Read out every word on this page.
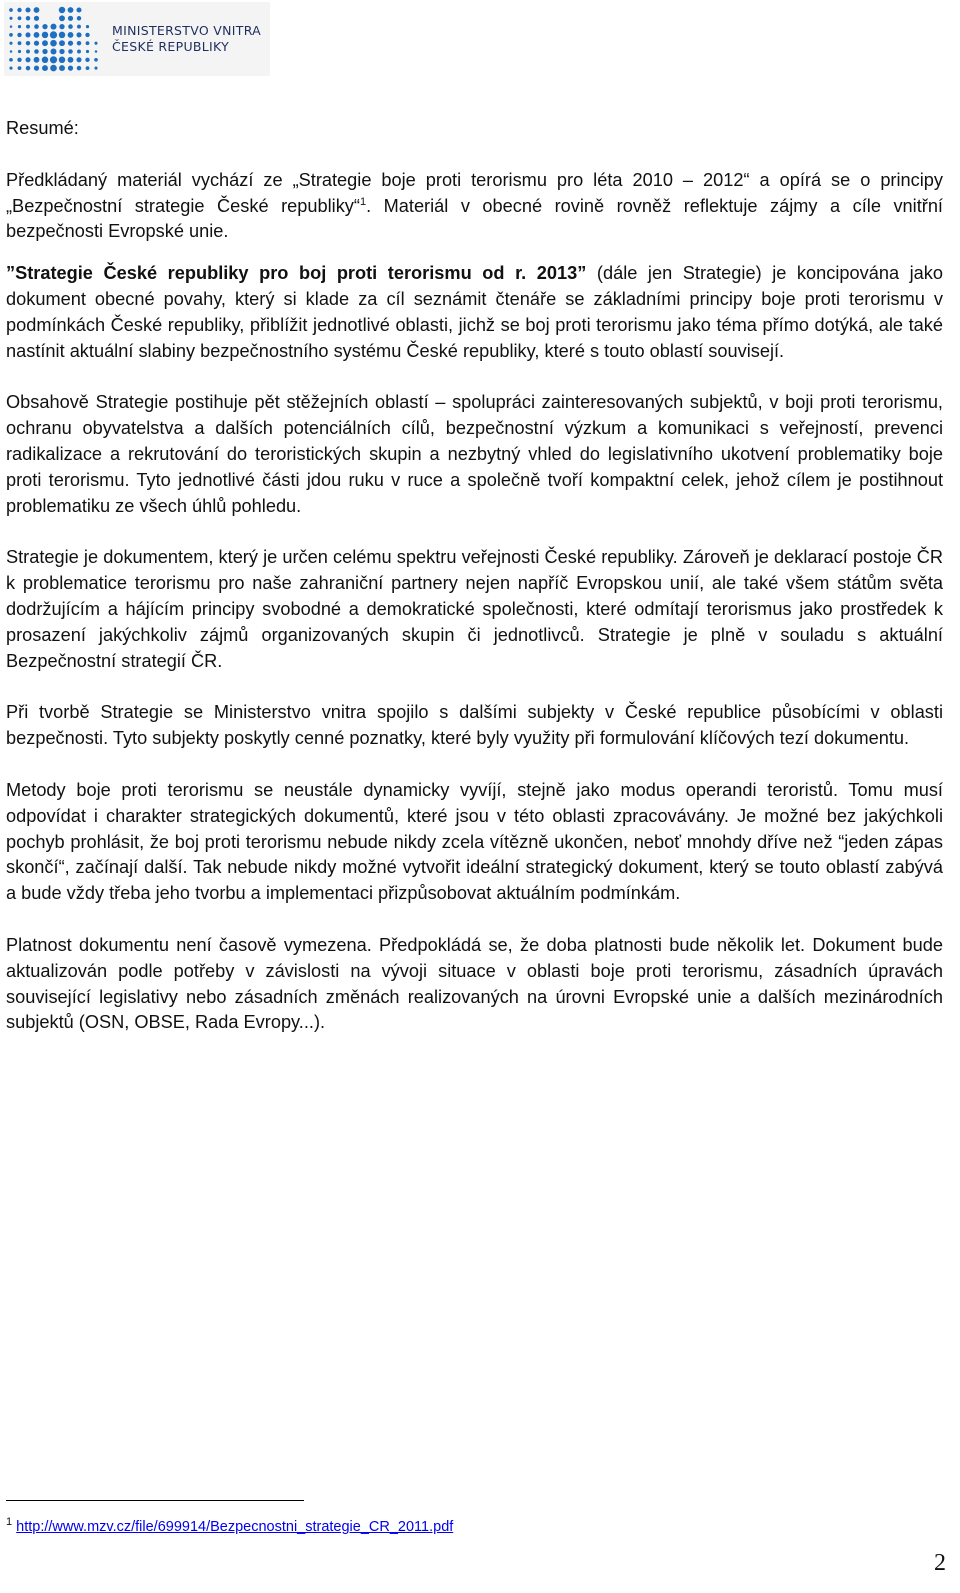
MINISTERSTVO VNITRA
ČESKÉ REPUBLIKY

Resumé:

Předkládaný materiál vychází ze „Strategie boje proti terorismu pro léta 2010 – 2012“ a opírá se o principy „Bezpečnostní strategie České republiky“$^1$. Materiál v obecné rovině rovněž reflektuje zájmy a cíle vnitřní bezpečnosti Evropské unie.

”Strategie České republiky pro boj proti terorismu od r. 2013” (dále jen Strategie) je koncipována jako dokument obecné povahy, který si klade za cíl seznámit čtenáře se základními principy boje proti terorismu v podmínkách České republiky, přiblížit jednotlivé oblasti, jichž se boj proti terorismu jako téma přímo dotýká, ale také nastínit aktuální slabiny bezpečnostního systému České republiky, které s touto oblastí souvisejí.

Obsahově Strategie postihuje pět stěžejních oblastí – spolupráci zainteresovaných subjektů, v boji proti terorismu, ochranu obyvatelstva a dalších potenciálních cílů, bezpečnostní výzkum a komunikaci s veřejností, prevenci radikalizace a rekrutování do teroristických skupin a nezbytný vhled do legislativního ukotvení problematiky boje proti terorismu. Tyto jednotlivé části jdou ruku v ruce a společně tvoří kompaktní celek, jehož cílem je postihnout problematiku ze všech úhlů pohledu.

Strategie je dokumentem, který je určen celému spektru veřejnosti České republiky. Zároveň je deklarací postoje ČR k problematice terorismu pro naše zahraniční partnery nejen napříč Evropskou unií, ale také všem státům světa dodržujícím a hájícím principy svobodné a demokratické společnosti, které odmítají terorismus jako prostředek k prosazení jakýchkoliv zájmů organizovaných skupin či jednotlivců. Strategie je plně v souladu s aktuální Bezpečnostní strategií ČR.

Při tvorbě Strategie se Ministerstvo vnitra spojilo s dalšími subjekty v České republice působícími v oblasti bezpečnosti. Tyto subjekty poskytly cenné poznatky, které byly využity při formulování klíčových tezí dokumentu.

Metody boje proti terorismu se neustále dynamicky vyvíjí, stejně jako modus operandi teroristů. Tomu musí odpovídat i charakter strategických dokumentů, které jsou v této oblasti zpracovávány. Je možné bez jakýchkoli pochyb prohlásit, že boj proti terorismu nebude nikdy zcela vítězně ukončen, neboť mnohdy dříve než “jeden zápas skončí“, začínají další. Tak nebude nikdy možné vytvořit ideální strategický dokument, který se touto oblastí zabývá a bude vždy třeba jeho tvorbu a implementaci přizpůsobovat aktuálním podmínkám.

Platnost dokumentu není časově vymezena. Předpokládá se, že doba platnosti bude několik let. Dokument bude aktualizován podle potřeby v závislosti na vývoji situace v oblasti boje proti terorismu, zásadních úpravách související legislativy nebo zásadních změnách realizovaných na úrovni Evropské unie a dalších mezinárodních subjektů (OSN, OBSE, Rada Evropy...).

$^1$ http://www.mzv.cz/file/699914/Bezpecnostni_strategie_CR_2011.pdf
2
